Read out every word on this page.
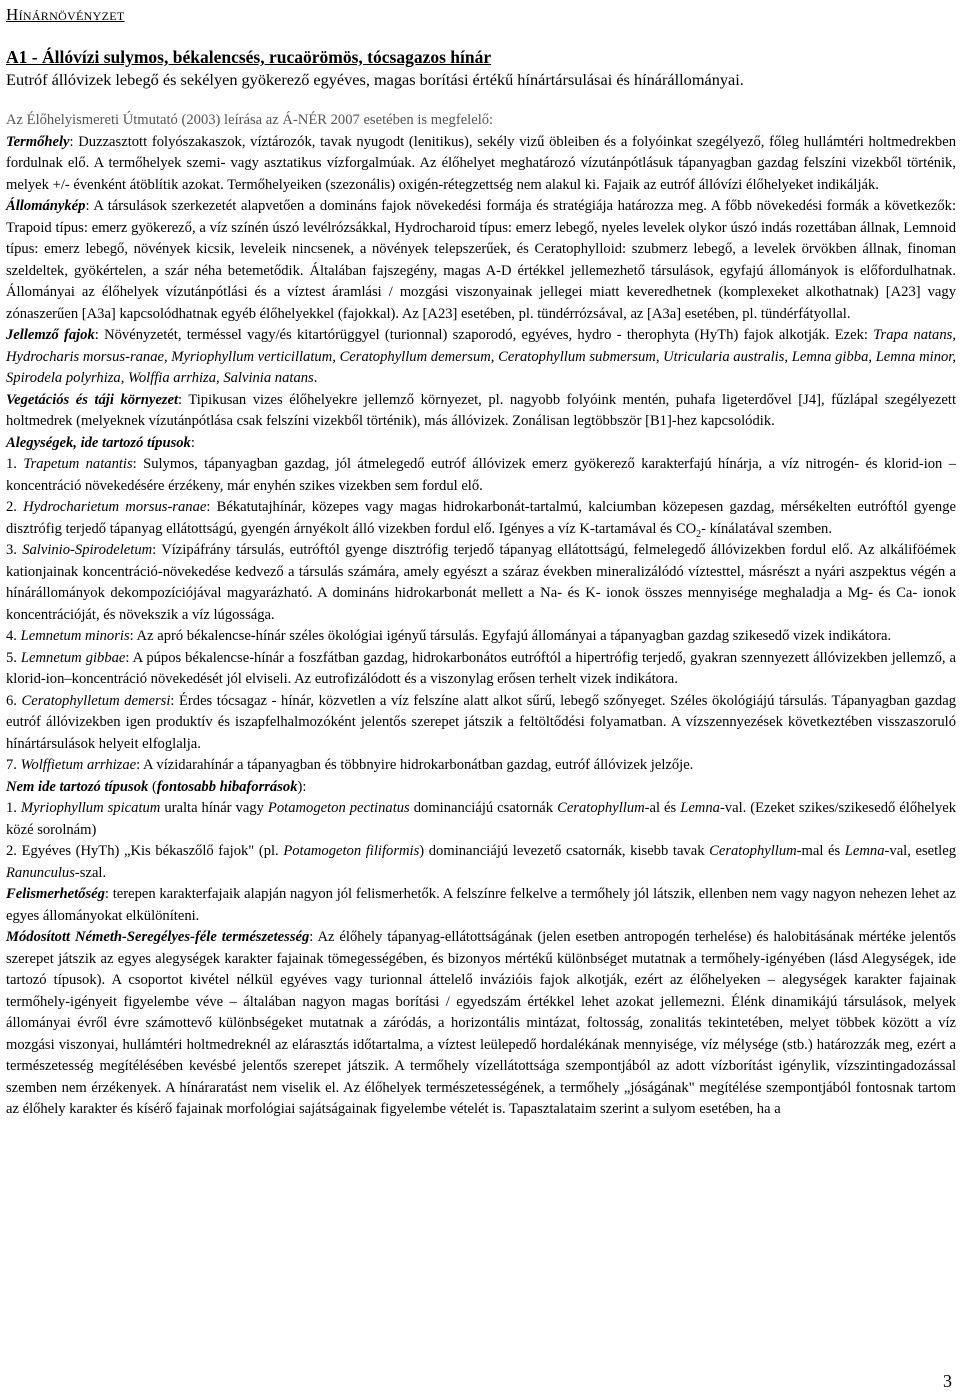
Hínárnövényzet
A1 - Állóvízi sulymos, békalencsés, rucaörömös, tócsagazos hínár

Eutróf állóvizek lebegő és sekélyen gyökerező egyéves, magas borítási értékű hínártársulásai és hínárállományai.

Az Élőhelyismereti Útmutató (2003) leírása az Á-NÉR 2007 esetében is megfelelő:

Termőhely: Duzzasztott folyószakaszok, víztározók, tavak nyugodt (lenitikus), sekély vizű öbleiben és a folyóinkat szegélyező, főleg hullámtéri holtmedrekben fordulnak elő. A termőhelyek szemi- vagy asztatikus vízforgalmúak. Az élőhelyet meghatározó vízutánpótlásuk tápanyagban gazdag felszíni vizekből történik, melyek +/- évenként átöblítik azokat. Termőhelyeiken (szezonális) oxigén-rétegzettség nem alakul ki. Fajaik az eutróf állóvízi élőhelyeket indikálják.

Állománykép: A társulások szerkezetét alapvetően a domináns fajok növekedési formája és stratégiája határozza meg. A főbb növekedési formák a következők: Trapoid típus: emerz gyökerező, a víz színén úszó levélrózsákkal, Hydrocharoid típus: emerz lebegő, nyeles levelek olykor úszó indás rozettában állnak, Lemnoid típus: emerz lebegő, növények kicsik, leveleik nincsenek, a növények telepszerűek, és Ceratophylloid: szubmerz lebegő, a levelek örvökben állnak, finoman szeldeltek, gyökértelen, a szár néha betemetődik. Általában fajszegény, magas A-D értékkel jellemezhető társulások, egyfajú állományok is előfordulhatnak. Állományai az élőhelyek vízutánpótlási és a víztest áramlási / mozgási viszonyainak jellegei miatt keveredhetnek (komplexeket alkothatnak) [A23] vagy zónaszerűen [A3a] kapcsolódhatnak egyéb élőhelyekkel (fajokkal). Az [A23] esetében, pl. tündérrózsával, az [A3a] esetében, pl. tündérfátyollal.

Jellemző fajok: Növényzetét, terméssel vagy/és kitartórüggyel (turionnal) szaporodó, egyéves, hydro - therophyta (HyTh) fajok alkotják. Ezek: Trapa natans, Hydrocharis morsus-ranae, Myriophyllum verticillatum, Ceratophyllum demersum, Ceratophyllum submersum, Utricularia australis, Lemna gibba, Lemna minor, Spirodela polyrhiza, Wolffia arrhiza, Salvinia natans.

Vegetációs és táji környezet: Tipikusan vizes élőhelyekre jellemző környezet, pl. nagyobb folyóink mentén, puhafa ligeterdővel [J4], fűzlápal szegélyezett holtmedrek (melyeknek vízutánpótlása csak felszíni vizekből történik), más állóvizek. Zonálisan legtöbbször [B1]-hez kapcsolódik.

Alegységek, ide tartozó típusok:

1. Trapetum natantis: Sulymos, tápanyagban gazdag, jól átmelegedő eutróf állóvizek emerz gyökerező karakterfajú hínárja, a víz nitrogén- és klorid-ion –koncentráció növekedésére érzékeny, már enyhén szikes vizekben sem fordul elő.

2. Hydrocharietum morsus-ranae: Békatutajhínár, közepes vagy magas hidrokarbonát-tartalmú, kalciumban közepesen gazdag, mérsékelten eutróftól gyenge disztrófig terjedő tápanyag ellátottságú, gyengén árnyékolt álló vizekben fordul elő. Igényes a víz K-tartamával és $CO_2-$ kínálatával szemben.

3. Salvinio-Spirodeletum: Vízipáfrány társulás, eutróftól gyenge disztrófig terjedő tápanyag ellátottságú, felmelegedő állóvizekben fordul elő. Az alkáliföémek kationjainak koncentráció-növekedése kedvező a társulás számára, amely egyészt a száraz években mineralizálódó víztesttel, másrészt a nyári aszpektus végén a hínárállományok dekompozíciójával magyarázható. A domináns hidrokarbonát mellett a Na- és K- ionok összes mennyisége meghaladja a Mg- és Ca- ionok koncentrációját, és növekszik a víz lúgossága.

4. Lemnetum minoris: Az apró békalencse-hínár széles ökológiai igényű társulás. Egyfajú állományai a tápanyagban gazdag szikesedő vizek indikátora.

5. Lemnetum gibbae: A púpos békalencse-hínár a foszfátban gazdag, hidrokarbonátos eutróftól a hipertrófig terjedő, gyakran szennyezett állóvizekben jellemző, a klorid-ion–koncentráció növekedését jól elviseli. Az eutrofizálódott és a viszonylag erősen terhelt vizek indikátora.

6. Ceratophylletum demersi: Érdes tócsagaz - hínár, közvetlen a víz felszíne alatt alkot sűrű, lebegő szőnyeget. Széles ökológiájú társulás. Tápanyagban gazdag eutróf állóvizekben igen produktív és iszapfelhalmozóként jelentős szerepet játszik a feltöltődési folyamatban. A vízszennyezések következtében visszaszoruló hínártársulások helyeit elfoglalja.

7. Wolffietum arrhizae: A vízidarahínár a tápanyagban és többnyire hidrokarbonátban gazdag, eutróf állóvizek jelzője.

Nem ide tartozó típusok (fontosabb hibaforrások):

1. Myriophyllum spicatum uralta hínár vagy Potamogeton pectinatus dominanciájú csatornák Ceratophyllum-al és Lemna-val. (Ezeket szikes/szikesedő élőhelyek közé sorolnám)

2. Egyéves (HyTh) „Kis békaszőlő fajok" (pl. Potamogeton filiformis) dominanciájú levezető csatornák, kisebb tavak Ceratophyllum-mal és Lemna-val, esetleg Ranunculus-szal.

Felismerhetőség: terepen karakterfajaik alapján nagyon jól felismerhetők. A felszínre felkelve a termőhely jól látszik, ellenben nem vagy nagyon nehezen lehet az egyes állományokat elkülöníteni.

Módosított Németh-Seregélyes-féle természetesség: Az élőhely tápanyag-ellátottságának (jelen esetben antropogén terhelése) és halobitásának mértéke jelentős szerepet játszik az egyes alegységek karakter fajainak tömegességében, és bizonyos mértékű különbséget mutatnak a termőhely-igényében (lásd Alegységek, ide tartozó típusok). A csoportot kivétel nélkül egyéves vagy turionnal áttelelő invázióis fajok alkotják, ezért az élőhelyeken – alegységek karakter fajainak termőhely-igényeit figyelembe véve – általában nagyon magas borítási / egyedszám értékkel lehet azokat jellemezni. Élénk dinamikájú társulások, melyek állományai évről évre számottevő különbségeket mutatnak a záródás, a horizontális mintázat, foltosság, zonalitás tekintetében, melyet többek között a víz mozgási viszonyai, hullámtéri holtmedreknél az elárasztás időtartalma, a víztest leülepedő hordalékának mennyisége, víz mélysége (stb.) határozzák meg, ezért a természetesség megítélésében kevésbé jelentős szerepet játszik. A termőhely vízellátottsága szempontjából az adott vízborítást igénylik, vízszintingadozással szemben nem érzékenyek. A hínáraratást nem viselik el. Az élőhelyek természetességének, a termőhely „jóságának" megítélése szempontjából fontosnak tartom az élőhely karakter és kísérő fajainak morfológiai sajátságainak figyelembe vételét is. Tapasztalataim szerint a sulyom esetében, ha a

3
